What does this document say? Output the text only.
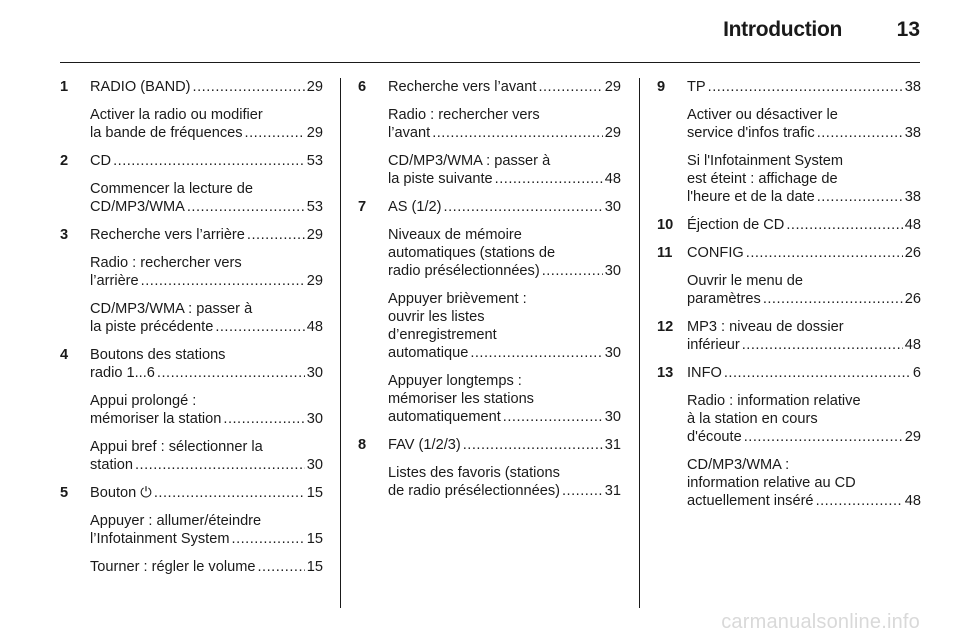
Introduction	13
1 RADIO (BAND) .....	29
Activer la radio ou modifier
la bande de fréquences .....	29
2 CD .....	53
Commencer la lecture de
CD/MP3/WMA .....	53
3 Recherche vers l’arrière .....	29
Radio : rechercher vers
l’arrière .....	29
CD/MP3/WMA : passer à
la piste précédente .....	48
4 Boutons des stations
radio 1...6 .....	30
Appui prolongé :
mémoriser la station .....	30
Appui bref : sélectionner la
station .....	30
5 Bouton ⏻ .....	15
Appuyer : allumer/éteindre
l’Infotainment System .....	15
Tourner : régler le volume .....	15
6 Recherche vers l’avant .....	29
Radio : rechercher vers
l’avant .....	29
CD/MP3/WMA : passer à
la piste suivante .....	48
7 AS (1/2) .....	30
Niveaux de mémoire
automatiques (stations de
radio présélectionnées) .....	30
Appuyer brièvement :
ouvrir les listes
d’enregistrement
automatique .....	30
Appuyer longtemps :
mémoriser les stations
automatiquement .....	30
8 FAV (1/2/3) .....	31
Listes des favoris (stations
de radio présélectionnées) .....	31
9 TP .....	38
Activer ou désactiver le
service d'infos trafic .....	38
Si l'Infotainment System
est éteint : affichage de
l'heure et de la date .....	38
10 Éjection de CD .....	48
11 CONFIG .....	26
Ouvrir le menu de
paramètres .....	26
12 MP3 : niveau de dossier
inférieur .....	48
13 INFO .....	6
Radio : information relative
à la station en cours
d'écoute .....	29
CD/MP3/WMA :
information relative au CD
actuellement inséré .....	48
carmanualsonline.info
